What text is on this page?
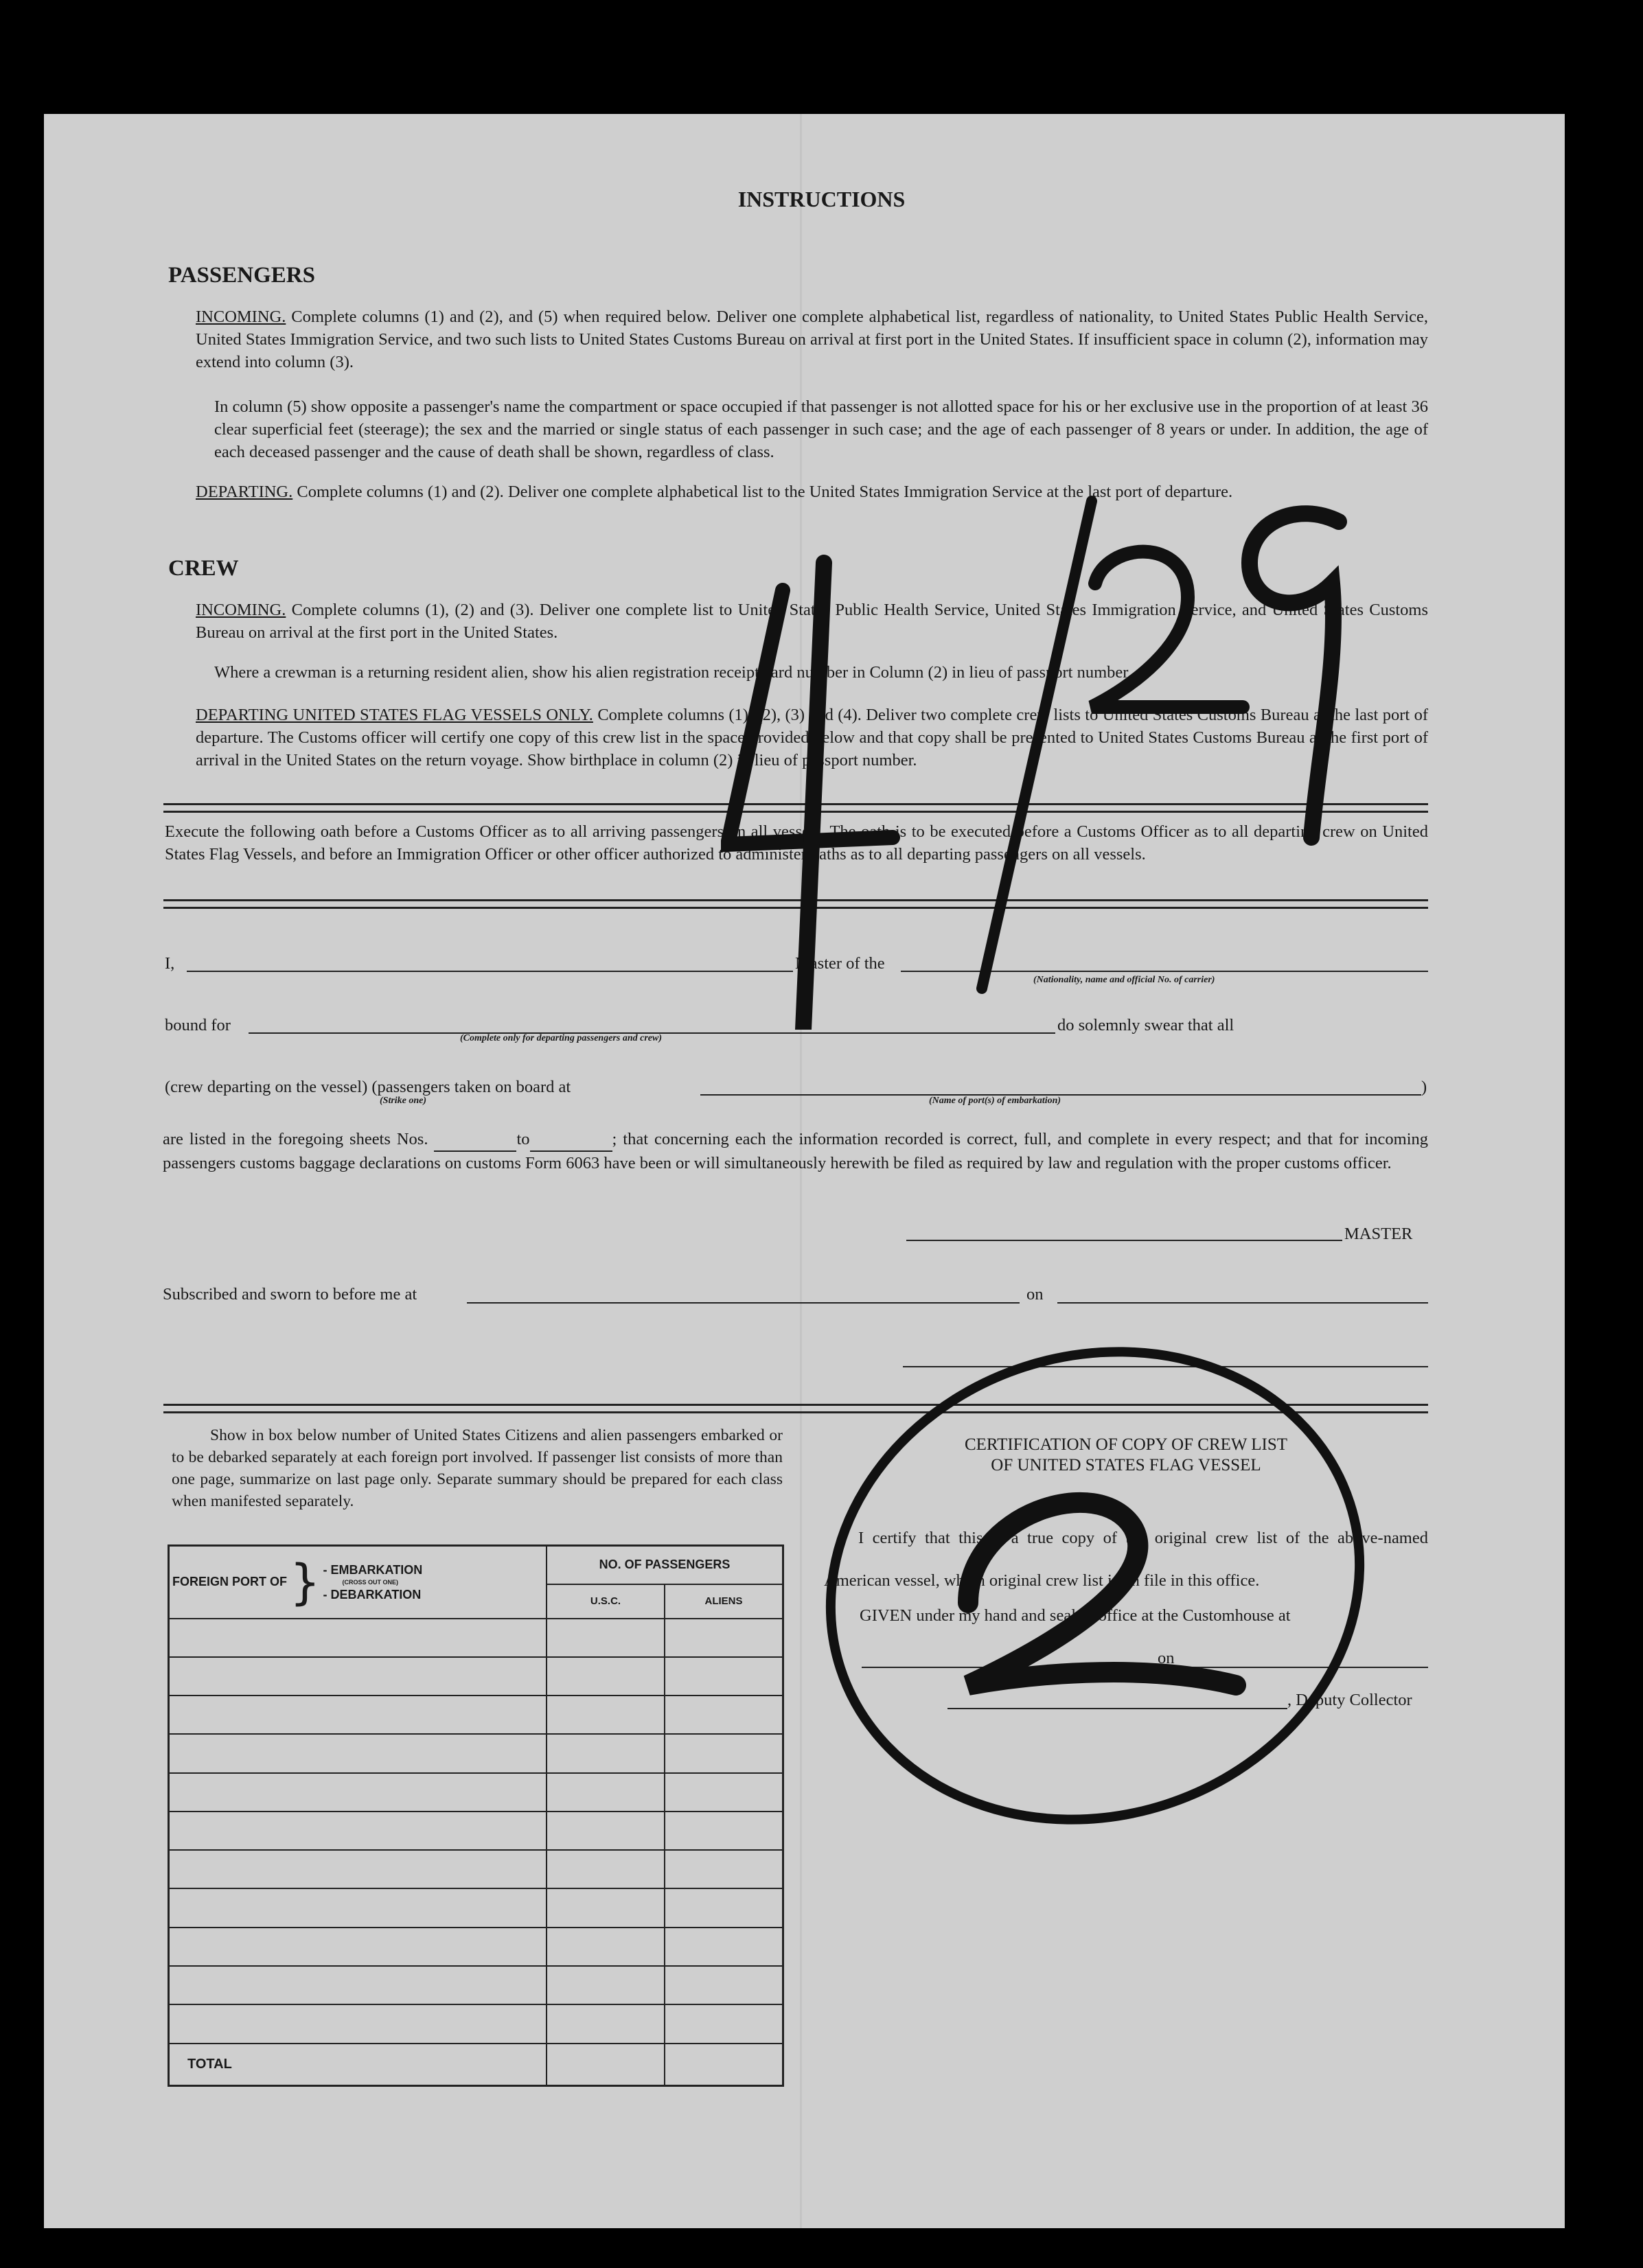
INSTRUCTIONS
PASSENGERS
INCOMING. Complete columns (1) and (2), and (5) when required below. Deliver one complete alphabetical list, regardless of nationality, to United States Public Health Service, United States Immigration Service, and two such lists to United States Customs Bureau on arrival at first port in the United States. If insufficient space in column (2), information may extend into column (3).
In column (5) show opposite a passenger's name the compartment or space occupied if that passenger is not allotted space for his or her exclusive use in the proportion of at least 36 clear superficial feet (steerage); the sex and the married or single status of each passenger in such case; and the age of each passenger of 8 years or under. In addition, the age of each deceased passenger and the cause of death shall be shown, regardless of class.
DEPARTING. Complete columns (1) and (2). Deliver one complete alphabetical list to the United States Immigration Service at the last port of departure.
CREW
INCOMING. Complete columns (1), (2) and (3). Deliver one complete list to United States Public Health Service, United States Immigration Service, and United States Customs Bureau on arrival at the first port in the United States.
Where a crewman is a returning resident alien, show his alien registration receipt card number in Column (2) in lieu of passport number.
DEPARTING UNITED STATES FLAG VESSELS ONLY. Complete columns (1), (2), (3) and (4). Deliver two complete crew lists to United States Customs Bureau at the last port of departure. The Customs officer will certify one copy of this crew list in the space provided below and that copy shall be presented to United States Customs Bureau at the first port of arrival in the United States on the return voyage. Show birthplace in column (2) in lieu of passport number.
Execute the following oath before a Customs Officer as to all arriving passengers on all vessels. The oath is to be executed before a Customs Officer as to all departing crew on United States Flag Vessels, and before an Immigration Officer or other officer authorized to administer oaths as to all departing passengers on all vessels.
I,	Master of the
(Nationality, name and official No. of carrier)
bound for	do solemnly swear that all
(Complete only for departing passengers and crew)
(crew departing on the vessel) (passengers taken on board at	)
(Strike one)	(Name of port(s) of embarkation)
are listed in the foregoing sheets Nos.	to	; that concerning each the information recorded is correct, full, and complete in every respect; and that for incoming passengers customs baggage declarations on customs Form 6063 have been or will simultaneously herewith be filed as required by law and regulation with the proper customs officer.
MASTER
Subscribed and sworn to before me at	on
Show in box below number of United States Citizens and alien passengers embarked or to be debarked separately at each foreign port involved. If passenger list consists of more than one page, summarize on last page only. Separate summary should be prepared for each class when manifested separately.
FOREIGN PORT OF } - EMBARKATION
(CROSS OUT ONE)
- DEBARKATION	NO. OF PASSENGERS	
	U.S.C.	ALIENS

TOTAL		
CERTIFICATION OF COPY OF CREW LIST
OF UNITED STATES FLAG VESSEL
I certify that this is a true copy of the original crew list of the above-named American vessel, which original crew list is on file in this office.
GIVEN under my hand and seal of office at the Customhouse at
on
, Deputy Collector
